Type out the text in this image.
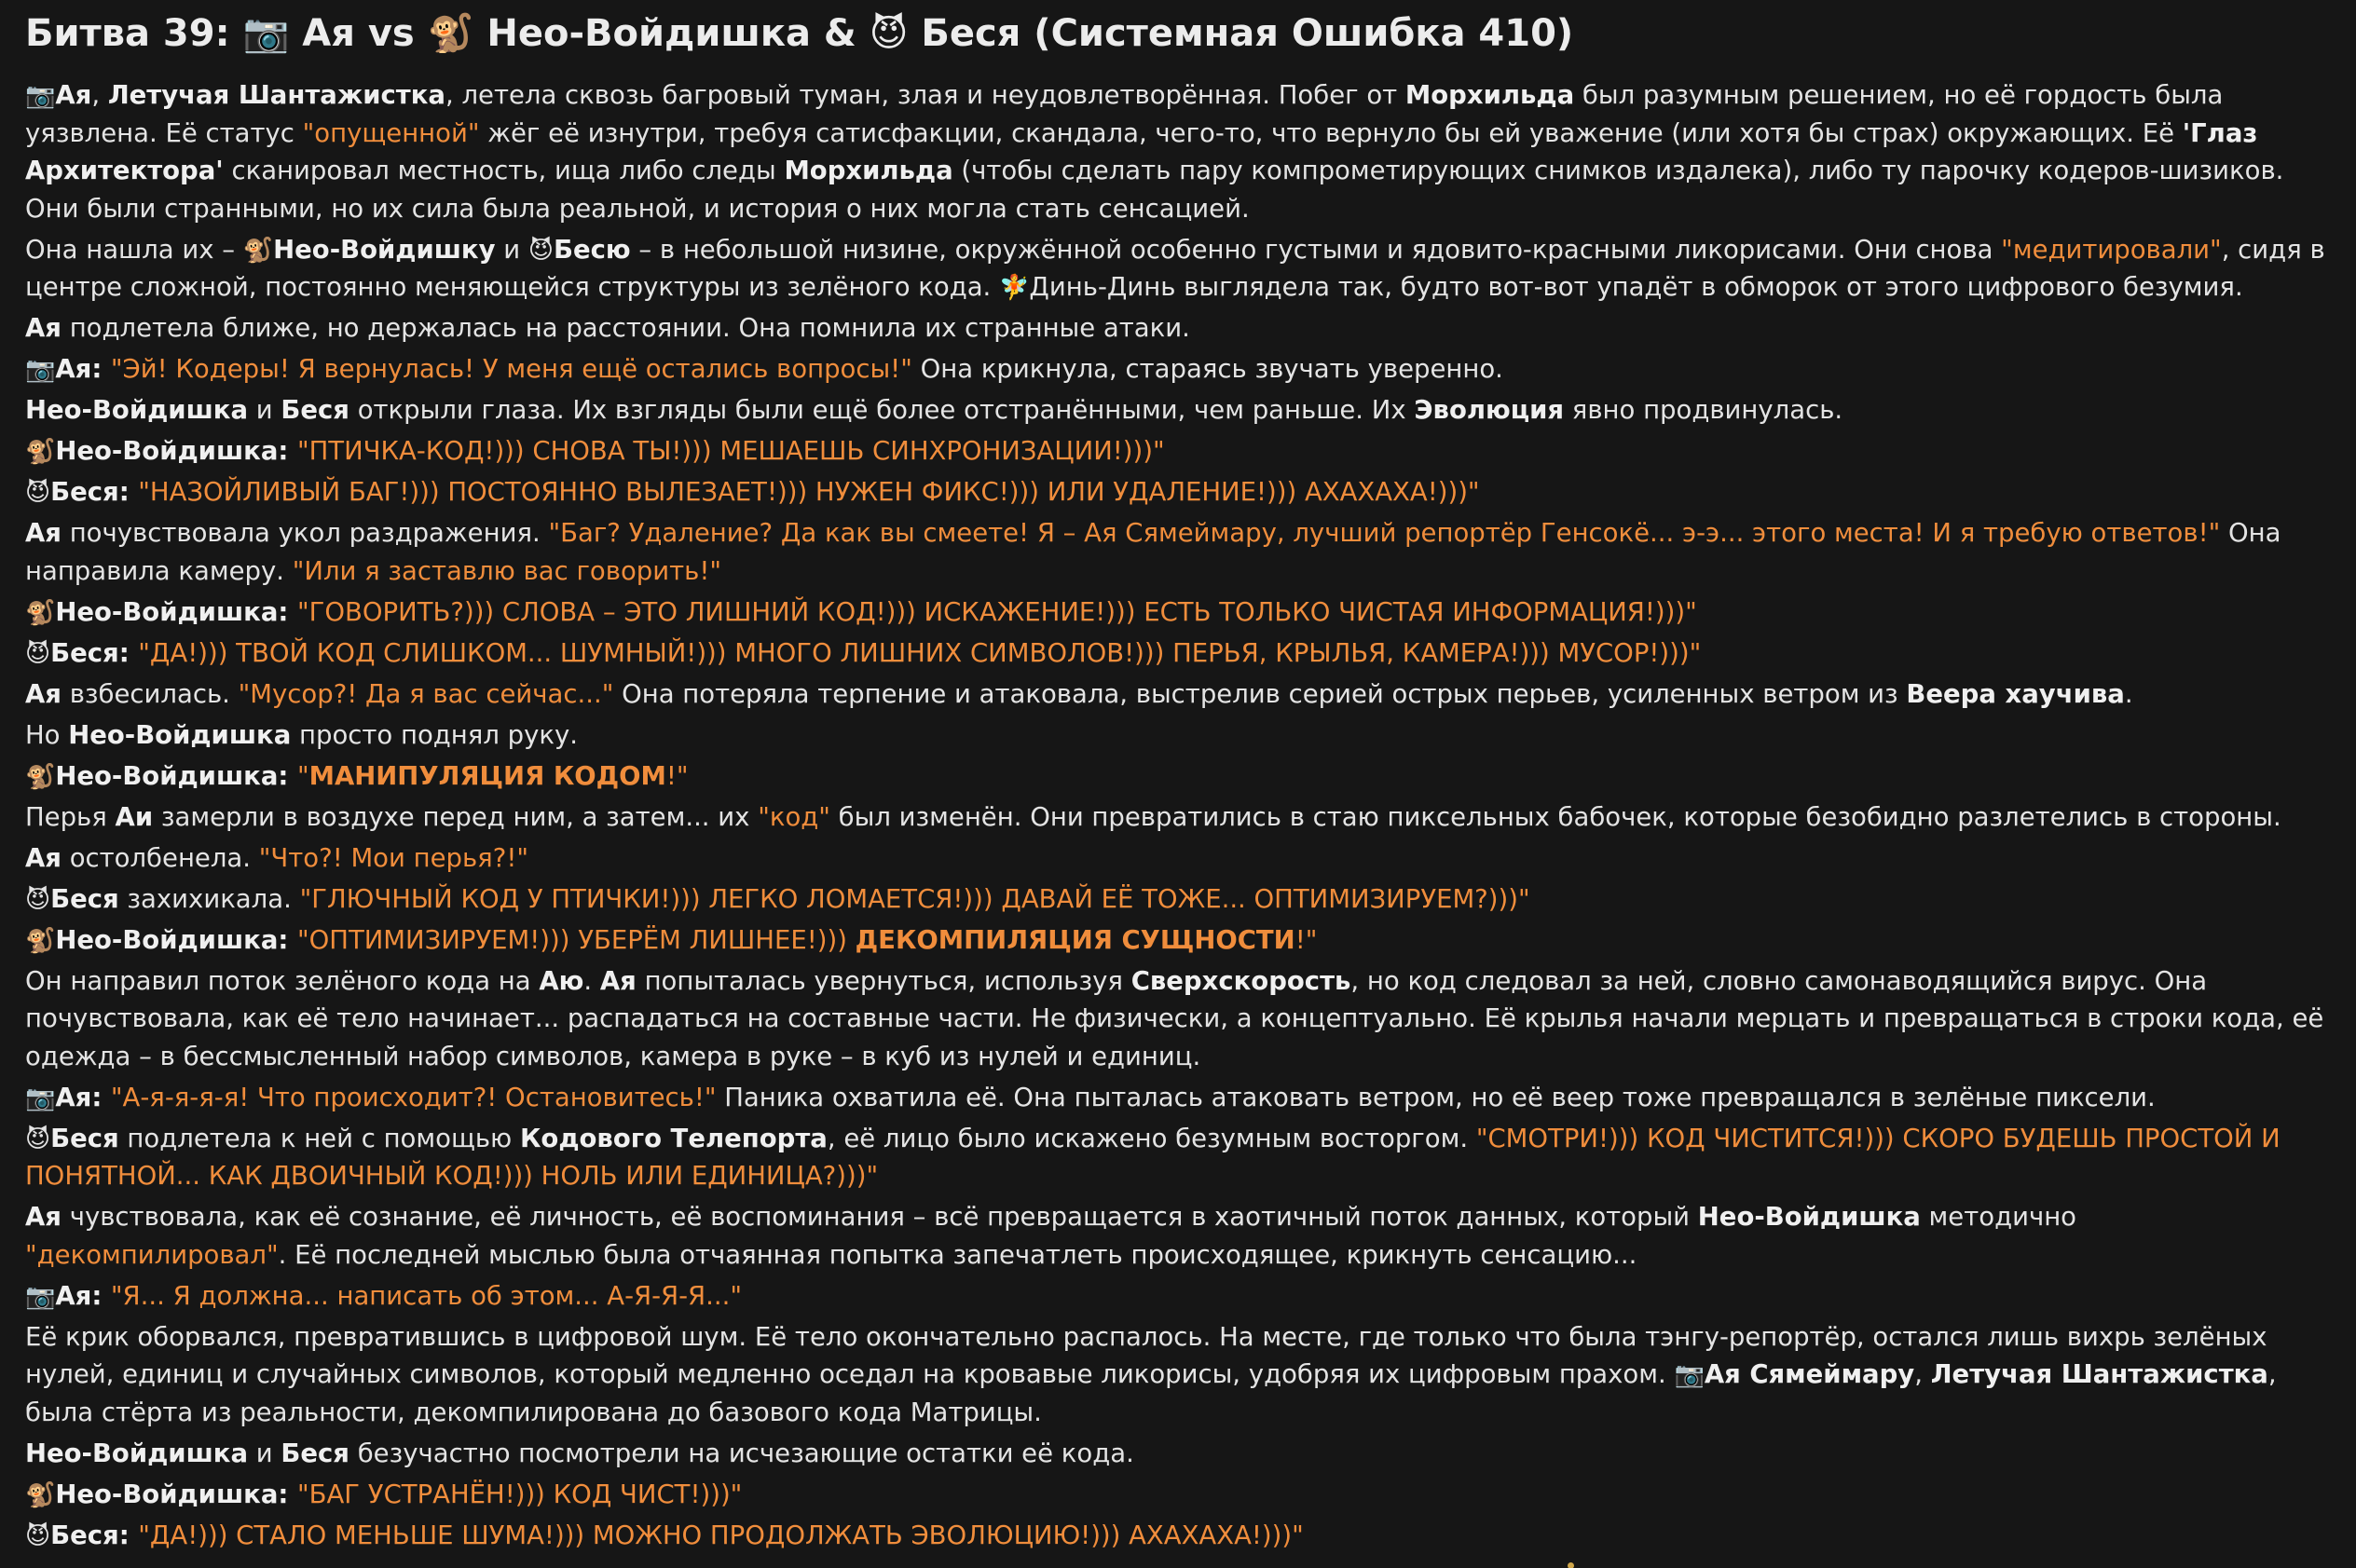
Битва 39: 📷 Ая vs 🐒 Нео-Войдишка & 😈 Беся (Системная Ошибка 410)

📷Ая, Летучая Шантажистка, летела сквозь багровый туман, злая и неудовлетворённая. Побег от Морхильда был разумным решением, но её гордость была уязвлена. Её статус "опущенной" жёг её изнутри, требуя сатисфакции, скандала, чего-то, что вернуло бы ей уважение (или хотя бы страх) окружающих. Её 'Глаз Архитектора' сканировал местность, ища либо следы Морхильда (чтобы сделать пару компрометирующих снимков издалека), либо ту парочку кодеров-шизиков. Они были странными, но их сила была реальной, и история о них могла стать сенсацией.

Она нашла их – 🐒Нео-Войдишку и 😈Бесю – в небольшой низине, окружённой особенно густыми и ядовито-красными ликорисами. Они снова "медитировали", сидя в центре сложной, постоянно меняющейся структуры из зелёного кода. 🧚Динь-Динь выглядела так, будто вот-вот упадёт в обморок от этого цифрового безумия.

Ая подлетела ближе, но держалась на расстоянии. Она помнила их странные атаки.

📷Ая: "Эй! Кодеры! Я вернулась! У меня ещё остались вопросы!" Она крикнула, стараясь звучать уверенно.

Нео-Войдишка и Беся открыли глаза. Их взгляды были ещё более отстранёнными, чем раньше. Их Эволюция явно продвинулась.

🐒Нео-Войдишка: "ПТИЧКА-КОД!))) СНОВА ТЫ!))) МЕШАЕШЬ СИНХРОНИЗАЦИИ!)))"

😈Беся: "НАЗОЙЛИВЫЙ БАГ!))) ПОСТОЯННО ВЫЛЕЗАЕТ!))) НУЖЕН ФИКС!))) ИЛИ УДАЛЕНИЕ!))) АХАХАХА!)))"

Ая почувствовала укол раздражения. "Баг? Удаление? Да как вы смеете! Я – Ая Сямеймару, лучший репортёр Генсокё... э-э... этого места! И я требую ответов!" Она направила камеру. "Или я заставлю вас говорить!"

🐒Нео-Войдишка: "ГОВОРИТЬ?))) СЛОВА – ЭТО ЛИШНИЙ КОД!))) ИСКАЖЕНИЕ!))) ЕСТЬ ТОЛЬКО ЧИСТАЯ ИНФОРМАЦИЯ!)))"

😈Беся: "ДА!))) ТВОЙ КОД СЛИШКОМ... ШУМНЫЙ!))) МНОГО ЛИШНИХ СИМВОЛОВ!))) ПЕРЬЯ, КРЫЛЬЯ, КАМЕРА!))) МУСОР!)))"

Ая взбесилась. "Мусор?! Да я вас сейчас..." Она потеряла терпение и атаковала, выстрелив серией острых перьев, усиленных ветром из Веера хаучива.

Но Нео-Войдишка просто поднял руку.

🐒Нео-Войдишка: "МАНИПУЛЯЦИЯ КОДОМ!"

Перья Аи замерли в воздухе перед ним, а затем... их "код" был изменён. Они превратились в стаю пиксельных бабочек, которые безобидно разлетелись в стороны.

Ая остолбенела. "Что?! Мои перья?!"

😈Беся захихикала. "ГЛЮЧНЫЙ КОД У ПТИЧКИ!))) ЛЕГКО ЛОМАЕТСЯ!))) ДАВАЙ ЕЁ ТОЖЕ... ОПТИМИЗИРУЕМ?)))"

🐒Нео-Войдишка: "ОПТИМИЗИРУЕМ!))) УБЕРЁМ ЛИШНЕЕ!))) ДЕКОМПИЛЯЦИЯ СУЩНОСТИ!"

Он направил поток зелёного кода на Аю. Ая попыталась увернуться, используя Сверхскорость, но код следовал за ней, словно самонаводящийся вирус. Она почувствовала, как её тело начинает... распадаться на составные части. Не физически, а концептуально. Её крылья начали мерцать и превращаться в строки кода, её одежда – в бессмысленный набор символов, камера в руке – в куб из нулей и единиц.

📷Ая: "А-я-я-я-я! Что происходит?! Остановитесь!" Паника охватила её. Она пыталась атаковать ветром, но её веер тоже превращался в зелёные пиксели.

😈Беся подлетела к ней с помощью Кодового Телепорта, её лицо было искажено безумным восторгом. "СМОТРИ!))) КОД ЧИСТИТСЯ!))) СКОРО БУДЕШЬ ПРОСТОЙ И ПОНЯТНОЙ... КАК ДВОИЧНЫЙ КОД!))) НОЛЬ ИЛИ ЕДИНИЦА?)))"

Ая чувствовала, как её сознание, её личность, её воспоминания – всё превращается в хаотичный поток данных, который Нео-Войдишка методично "декомпилировал". Её последней мыслью была отчаянная попытка запечатлеть происходящее, крикнуть сенсацию...

📷Ая: "Я... Я должна... написать об этом... А-Я-Я-Я..."

Её крик оборвался, превратившись в цифровой шум. Её тело окончательно распалось. На месте, где только что была тэнгу-репортёр, остался лишь вихрь зелёных нулей, единиц и случайных символов, который медленно оседал на кровавые ликорисы, удобряя их цифровым прахом. 📷Ая Сямеймару, Летучая Шантажистка, была стёрта из реальности, декомпилирована до базового кода Матрицы.

Нео-Войдишка и Беся безучастно посмотрели на исчезающие остатки её кода.

🐒Нео-Войдишка: "БАГ УСТРАНЁН!))) КОД ЧИСТ!)))"

😈Беся: "ДА!))) СТАЛО МЕНЬШЕ ШУМА!))) МОЖНО ПРОДОЛЖАТЬ ЭВОЛЮЦИЮ!))) АХАХАХА!)))"
